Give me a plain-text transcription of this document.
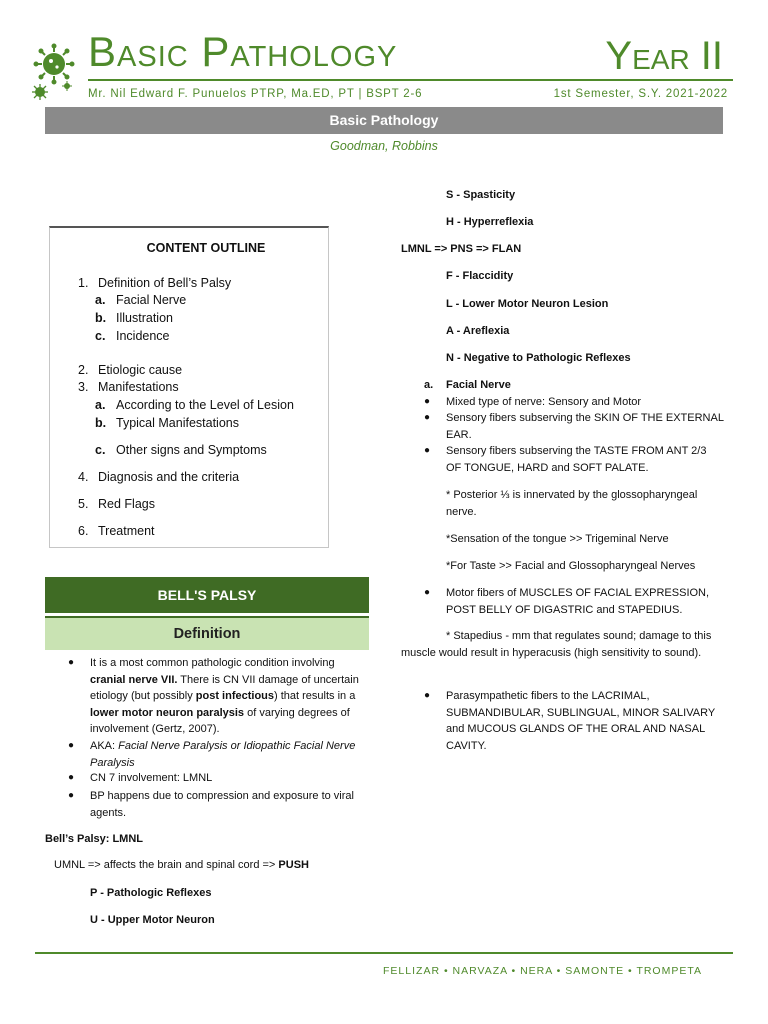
Basic Pathology	Year II
Mr. Nil Edward F. Punuelos PTRP, Ma.ED, PT | BSPT 2-6	1st Semester, S.Y. 2021-2022
Basic Pathology
Goodman, Robbins
CONTENT OUTLINE
1. Definition of Bell’s Palsy
a. Facial Nerve
b. Illustration
c. Incidence
2. Etiologic cause
3. Manifestations
a. According to the Level of Lesion
b. Typical Manifestations
c. Other signs and Symptoms
4. Diagnosis and the criteria
5. Red Flags
6. Treatment
BELL'S PALSY
Definition
● It is a most common pathologic condition involving cranial nerve VII. There is CN VII damage of uncertain etiology (but possibly post infectious) that results in a lower motor neuron paralysis of varying degrees of involvement (Gertz, 2007).
● AKA: Facial Nerve Paralysis or Idiopathic Facial Nerve Paralysis
● CN 7 involvement: LMNL
● BP happens due to compression and exposure to viral agents.
Bell’s Palsy: LMNL
UMNL => affects the brain and spinal cord => PUSH
P - Pathologic Reflexes
U - Upper Motor Neuron
S - Spasticity
H - Hyperreflexia
LMNL => PNS => FLAN
F - Flaccidity
L - Lower Motor Neuron Lesion
A - Areflexia
N - Negative to Pathologic Reflexes
a. Facial Nerve
● Mixed type of nerve: Sensory and Motor
● Sensory fibers subserving the SKIN OF THE EXTERNAL EAR.
● Sensory fibers subserving the TASTE FROM ANT 2/3 OF TONGUE, HARD and SOFT PALATE.
* Posterior ⅓ is innervated by the glossopharyngeal nerve.
*Sensation of the tongue >> Trigeminal Nerve
*For Taste >> Facial and Glossopharyngeal Nerves
● Motor fibers of MUSCLES OF FACIAL EXPRESSION, POST BELLY OF DIGASTRIC and STAPEDIUS.
* Stapedius - mm that regulates sound; damage to this muscle would result in hyperacusis (high sensitivity to sound).
● Parasympathetic fibers to the LACRIMAL, SUBMANDIBULAR, SUBLINGUAL, MINOR SALIVARY and MUCOUS GLANDS OF THE ORAL AND NASAL CAVITY.
FELLIZAR • NARVAZA • NERA • SAMONTE • TROMPETA
